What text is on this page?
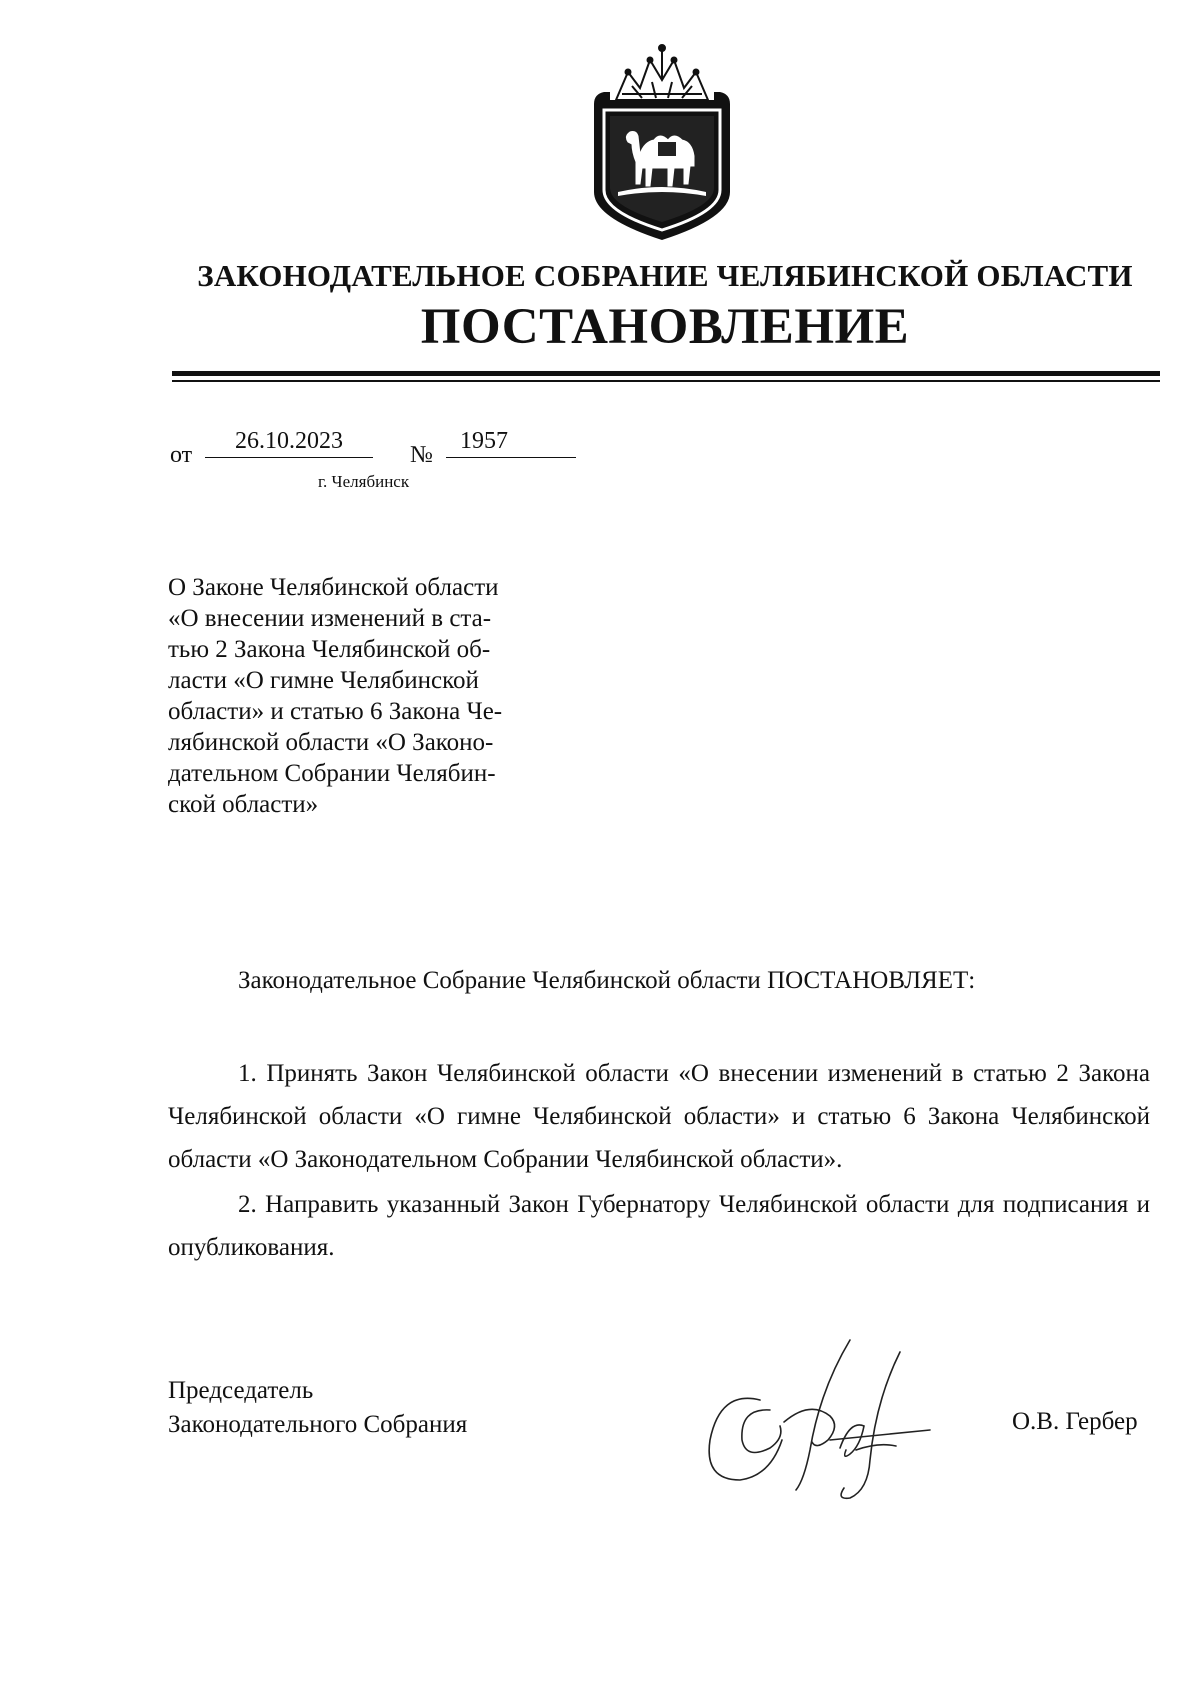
ЗАКОНОДАТЕЛЬНОЕ СОБРАНИЕ ЧЕЛЯБИНСКОЙ ОБЛАСТИ
ПОСТАНОВЛЕНИЕ
от
26.10.2023
№
1957
г. Челябинск
О Законе Челябинской области
«О внесении изменений в ста-
тью 2 Закона Челябинской об-
ласти «О гимне Челябинской
области» и статью 6 Закона Че-
лябинской области «О Законо-
дательном Собрании Челябин-
ской области»
Законодательное Собрание Челябинской области ПОСТАНОВЛЯЕТ:
1. Принять Закон Челябинской области «О внесении изменений в статью 2 Закона Челябинской области «О гимне Челябинской области» и статью 6 Закона Челябинской области «О Законодательном Собрании Челябинской области».
2. Направить указанный Закон Губернатору Челябинской области для подписания и опубликования.
Председатель
Законодательного Собрания	О.В. Гербер
